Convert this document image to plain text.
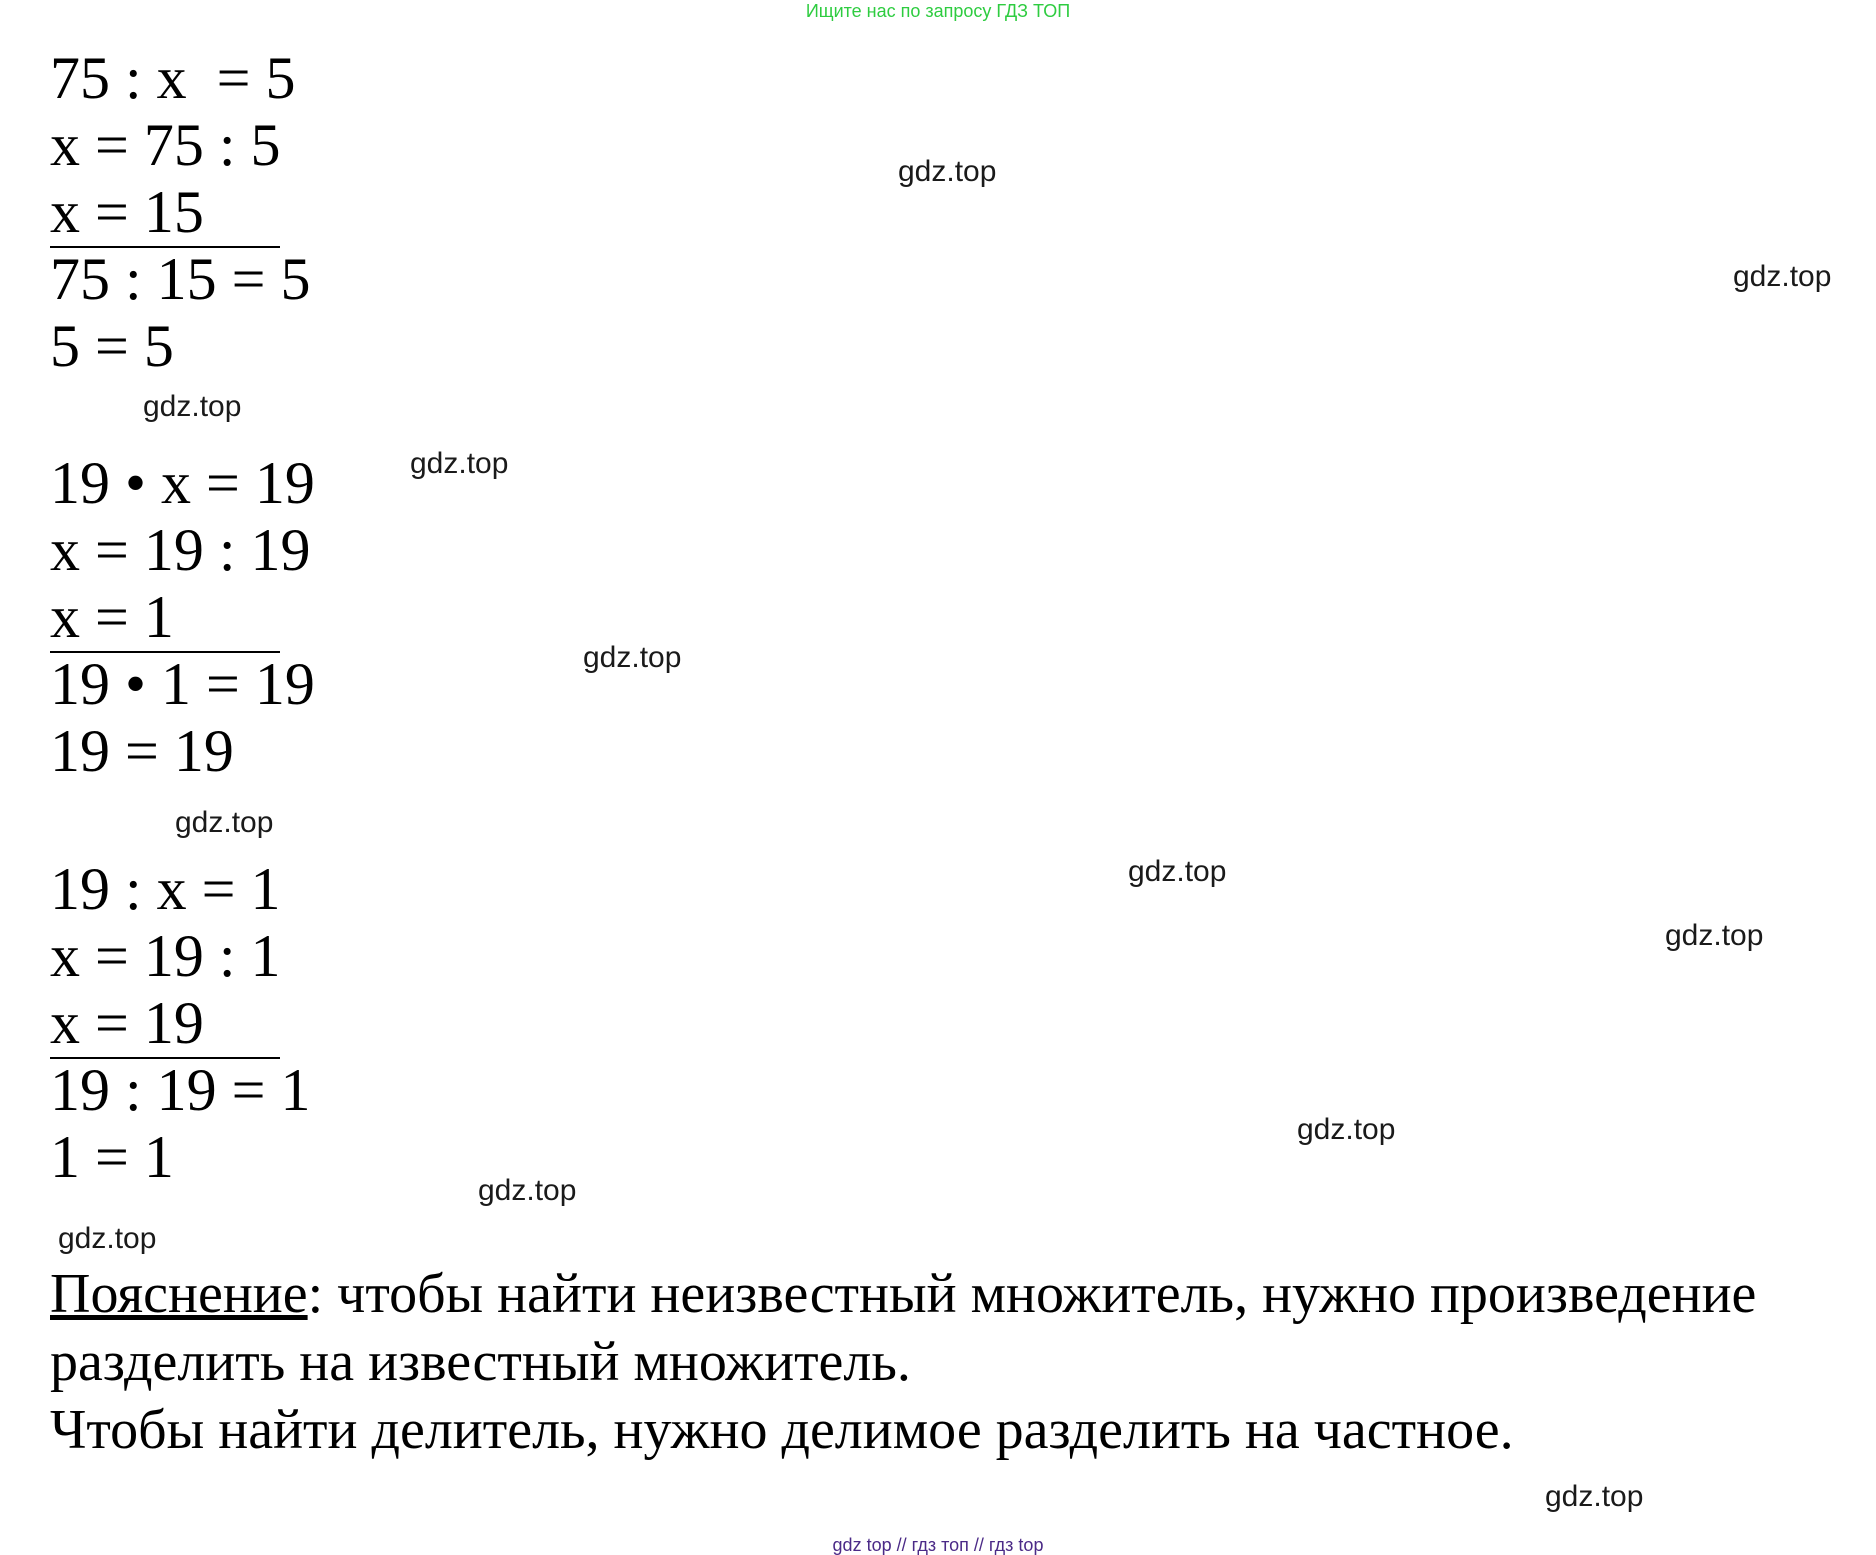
Ищите нас по запросу ГДЗ ТОП
75 : x  = 5
x = 75 : 5
x = 15
75 : 15 = 5
5 = 5
19 • x = 19
x = 19 : 19
x = 1
19 • 1 = 19
19 = 19
19 : x = 1
x = 19 : 1
x = 19
19 : 19 = 1
1 = 1
Пояснение: чтобы найти неизвестный множитель, нужно произведение разделить на известный множитель.
Чтобы найти делитель, нужно делимое разделить на частное.
gdz.top
gdz.top
gdz.top
gdz.top
gdz.top
gdz.top
gdz.top
gdz.top
gdz.top
gdz.top
gdz.top
gdz.top
gdz top // гдз топ // гдз top
